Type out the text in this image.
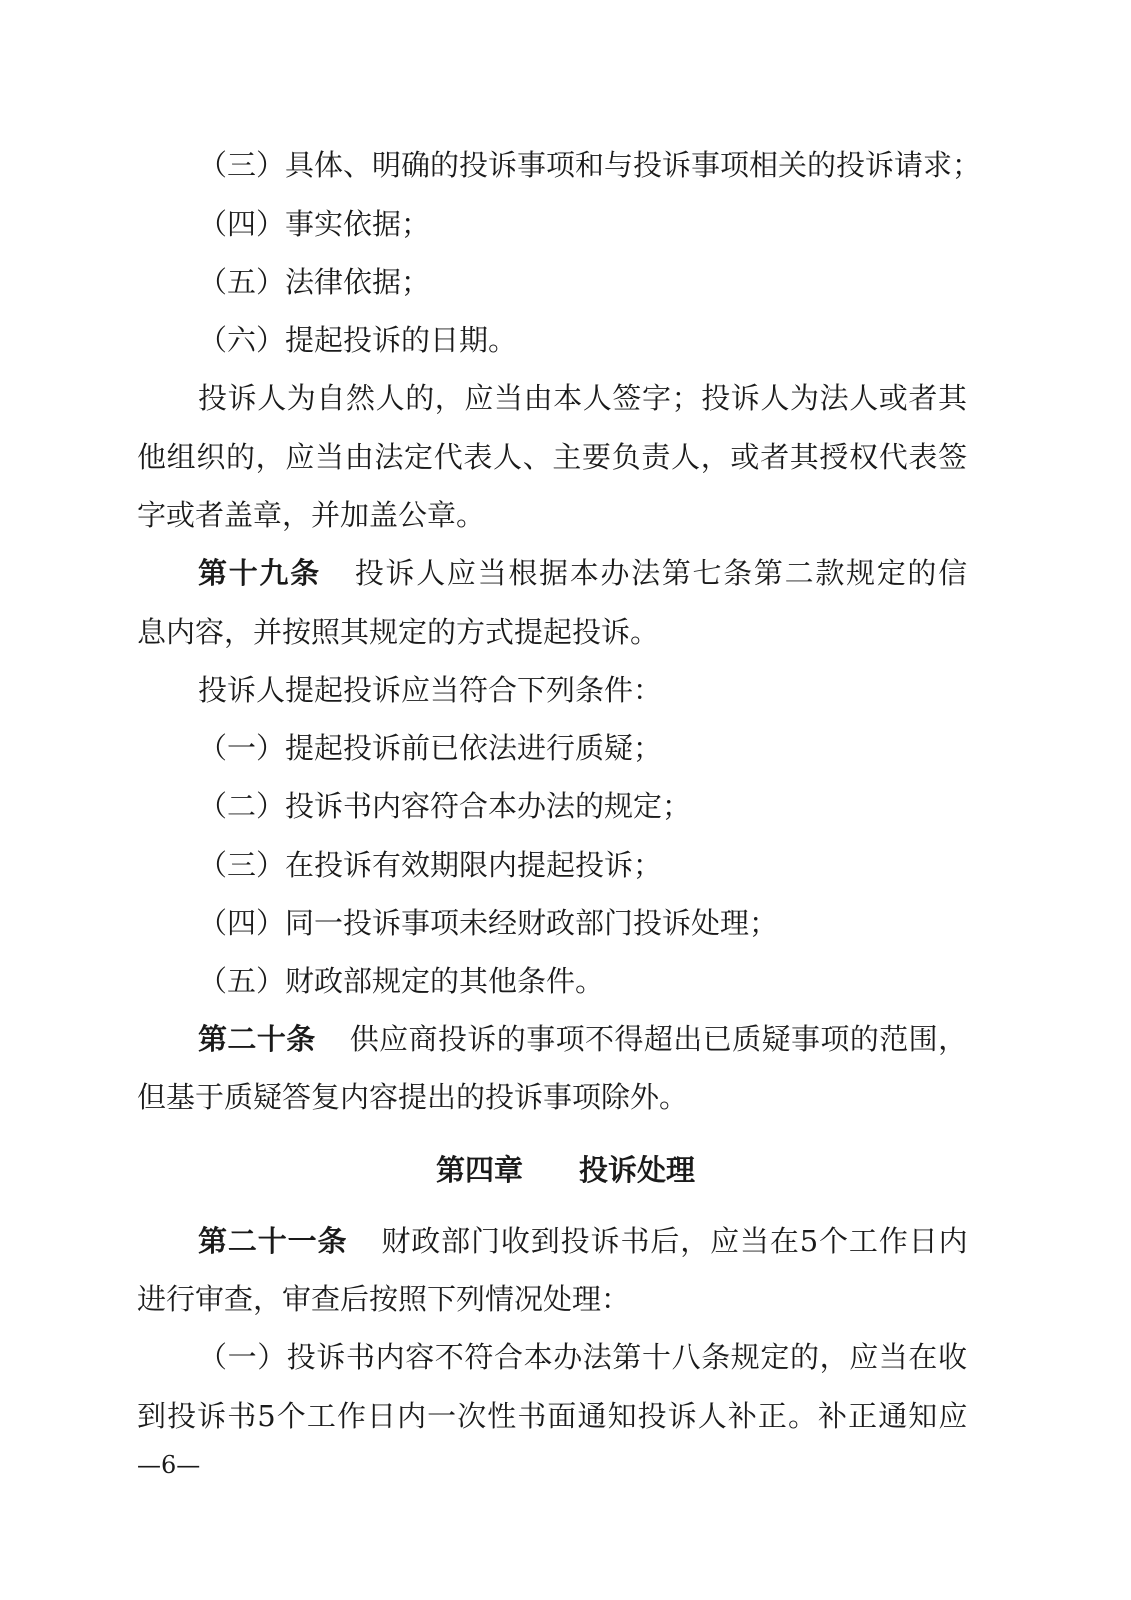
（三）具体、明确的投诉事项和与投诉事项相关的投诉请求；
（四）事实依据；
（五）法律依据；
（六）提起投诉的日期。
投诉人为自然人的，应当由本人签字；投诉人为法人或者其
他组织的，应当由法定代表人、主要负责人，或者其授权代表签
字或者盖章，并加盖公章。
第十九条 投诉人应当根据本办法第七条第二款规定的信
息内容，并按照其规定的方式提起投诉。
投诉人提起投诉应当符合下列条件：
（一）提起投诉前已依法进行质疑；
（二）投诉书内容符合本办法的规定；
（三）在投诉有效期限内提起投诉；
（四）同一投诉事项未经财政部门投诉处理；
（五）财政部规定的其他条件。
第二十条 供应商投诉的事项不得超出已质疑事项的范围，
但基于质疑答复内容提出的投诉事项除外。
第四章 投诉处理
第二十一条 财政部门收到投诉书后，应当在5个工作日内
进行审查，审查后按照下列情况处理：
（一）投诉书内容不符合本办法第十八条规定的，应当在收
到投诉书5个工作日内一次性书面通知投诉人补正。补正通知应
—6—
